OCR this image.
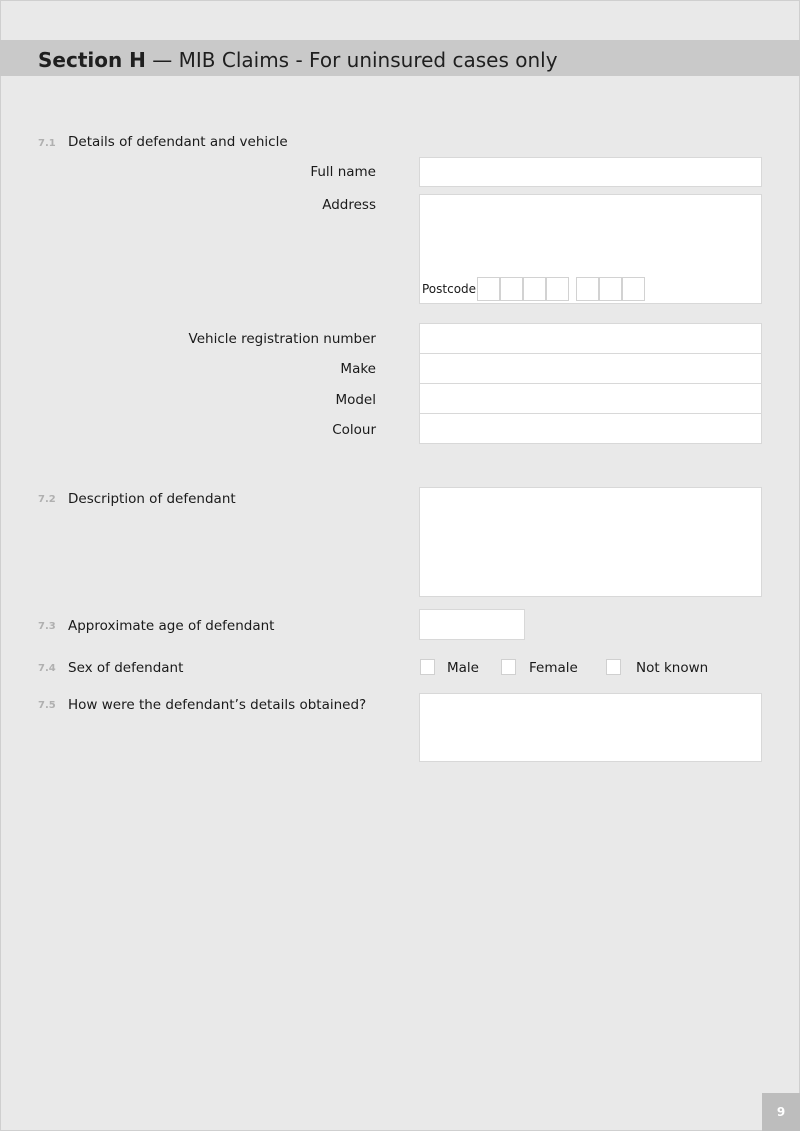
Section H — MIB Claims - For uninsured cases only
7.1 Details of defendant and vehicle
Full name
Address
Postcode
Vehicle registration number
Make
Model
Colour
7.2 Description of defendant
7.3 Approximate age of defendant
7.4 Sex of defendant	Male	Female	Not known
7.5 How were the defendant’s details obtained?
9
